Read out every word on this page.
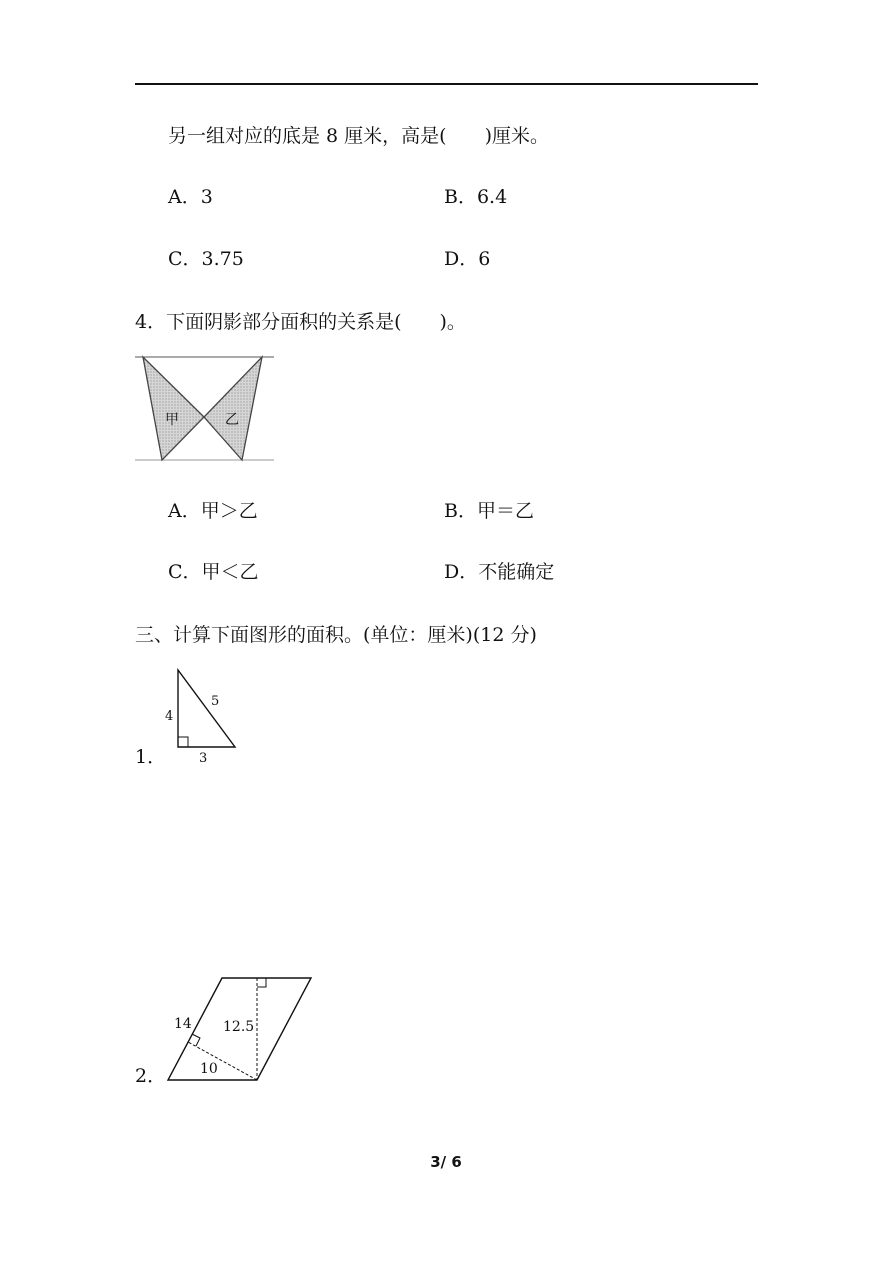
另一组对应的底是 8 厘米，高是(　　)厘米。
A．3	B．6.4
C．3.75	D．6
4．下面阴影部分面积的关系是(　　)。
甲	乙
A．甲＞乙	B．甲＝乙
C．甲＜乙	D．不能确定
三、计算下面图形的面积。(单位：厘米)(12 分)
1．
4
5
3
2．
14 12.5
10
3/ 6
